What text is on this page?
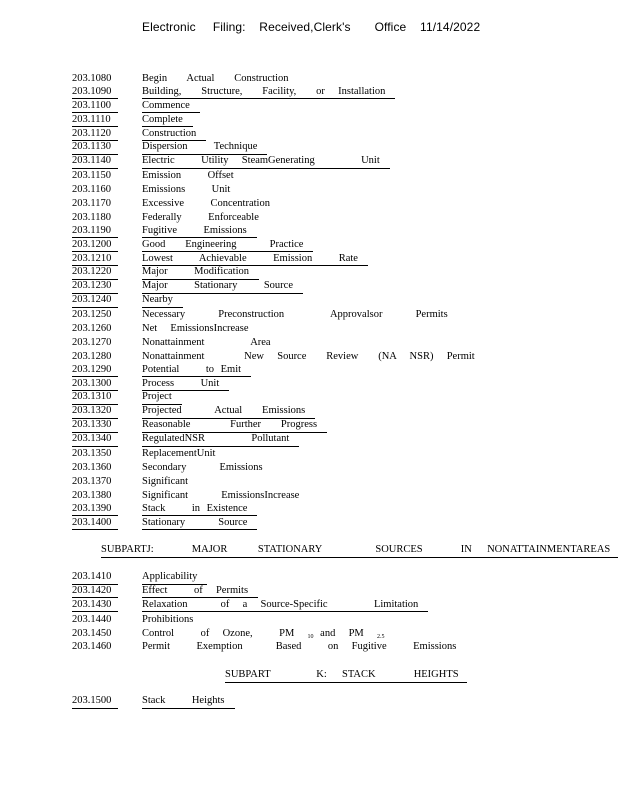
Electronic     Filing:    Received,Clerk's       Office    11/14/2022
203.1080	Begin   Actual   Construction
203.1090	Building,   Structure,   Facility,   or  Installation
203.1100	Commence
203.1110	Complete
203.1120	Construction
203.1130	Dispersion    Technique
203.1140	Electric    Utility  SteamGenerating       Unit
203.1150	Emission    Offset
203.1160	Emissions    Unit
203.1170	Excessive    Concentration
203.1180	Federally    Enforceable
203.1190	Fugitive    Emissions
203.1200	Good   Engineering     Practice
203.1210	Lowest    Achievable    Emission    Rate
203.1220	Major    Modification
203.1230	Major    Stationary    Source
203.1240	Nearby
203.1250	Necessary     Preconstruction       Approvalsor     Permits
203.1260	Net  EmissionsIncrease
203.1270	Nonattainment       Area
203.1280	Nonattainment      New  Source   Review   (NA  NSR)  Permit
203.1290	Potential    to Emit
203.1300	Process    Unit
203.1310	Project
203.1320	Projected     Actual   Emissions
203.1330	Reasonable      Further   Progress
203.1340	RegulatedNSR       Pollutant
203.1350	ReplacementUnit
203.1360	Secondary     Emissions
203.1370	Significant
203.1380	Significant     EmissionsIncrease
203.1390	Stack    in Existence
203.1400	Stationary     Source
SUBPARTJ:     MAJOR    STATIONARY       SOURCES     IN  NONATTAINMENTAREAS
203.1410	Applicability
203.1420	Effect    of  Permits
203.1430	Relaxation     of  a  Source-Specific       Limitation
203.1440	Prohibitions
203.1450	Control    of  Ozone,    PM  $_{10}$ and  PM  $_{2.5}$
203.1460	Permit    Exemption     Based    on  Fugitive    Emissions
SUBPART      K:  STACK     HEIGHTS
203.1500	Stack    Heights
